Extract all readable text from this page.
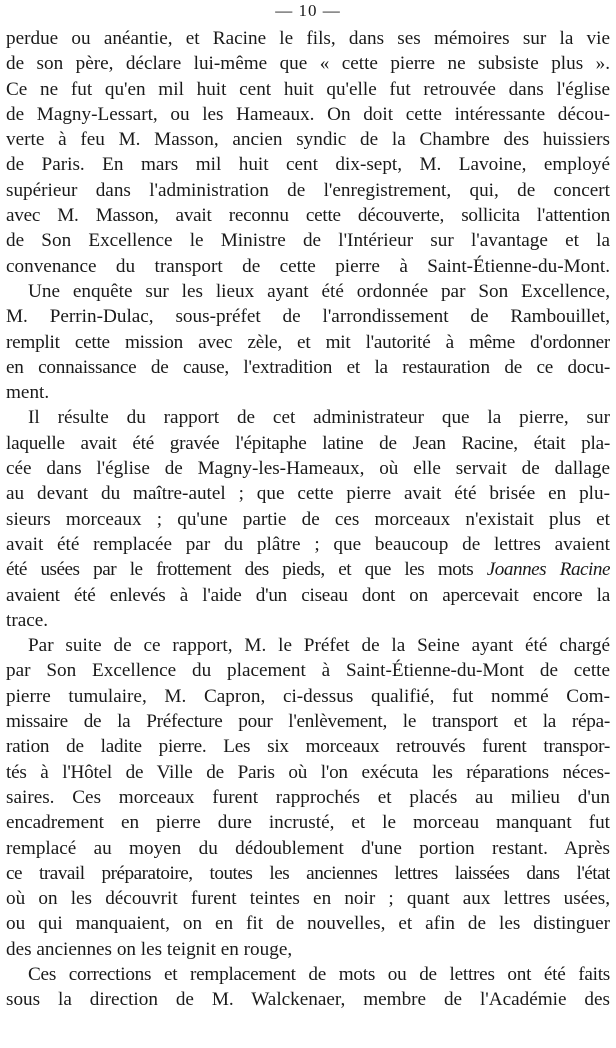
— 10 —
perdue ou anéantie, et Racine le fils, dans ses mémoires sur la vie
de son père, déclare lui-même que « cette pierre ne subsiste plus ».
Ce ne fut qu'en mil huit cent huit qu'elle fut retrouvée dans l'église
de Magny-Lessart, ou les Hameaux. On doit cette intéressante décou-
verte à feu M. Masson, ancien syndic de la Chambre des huissiers
de Paris. En mars mil huit cent dix-sept, M. Lavoine, employé
supérieur dans l'administration de l'enregistrement, qui, de concert
avec M. Masson, avait reconnu cette découverte, sollicita l'attention
de Son Excellence le Ministre de l'Intérieur sur l'avantage et la
convenance du transport de cette pierre à Saint-Étienne-du-Mont.
Une enquête sur les lieux ayant été ordonnée par Son Excellence,
M. Perrin-Dulac, sous-préfet de l'arrondissement de Rambouillet,
remplit cette mission avec zèle, et mit l'autorité à même d'ordonner
en connaissance de cause, l'extradition et la restauration de ce docu-
ment.
Il résulte du rapport de cet administrateur que la pierre, sur
laquelle avait été gravée l'épitaphe latine de Jean Racine, était pla-
cée dans l'église de Magny-les-Hameaux, où elle servait de dallage
au devant du maître-autel ; que cette pierre avait été brisée en plu-
sieurs morceaux ; qu'une partie de ces morceaux n'existait plus et
avait été remplacée par du plâtre ; que beaucoup de lettres avaient
été usées par le frottement des pieds, et que les mots Joannes Racine
avaient été enlevés à l'aide d'un ciseau dont on apercevait encore la
trace.
Par suite de ce rapport, M. le Préfet de la Seine ayant été chargé
par Son Excellence du placement à Saint-Étienne-du-Mont de cette
pierre tumulaire, M. Capron, ci-dessus qualifié, fut nommé Com-
missaire de la Préfecture pour l'enlèvement, le transport et la répa-
ration de ladite pierre. Les six morceaux retrouvés furent transpor-
tés à l'Hôtel de Ville de Paris où l'on exécuta les réparations néces-
saires. Ces morceaux furent rapprochés et placés au milieu d'un
encadrement en pierre dure incrusté, et le morceau manquant fut
remplacé au moyen du dédoublement d'une portion restant. Après
ce travail préparatoire, toutes les anciennes lettres laissées dans l'état
où on les découvrit furent teintes en noir ; quant aux lettres usées,
ou qui manquaient, on en fit de nouvelles, et afin de les distinguer
des anciennes on les teignit en rouge,
Ces corrections et remplacement de mots ou de lettres ont été faits
sous la direction de M. Walckenaer, membre de l'Académie des
